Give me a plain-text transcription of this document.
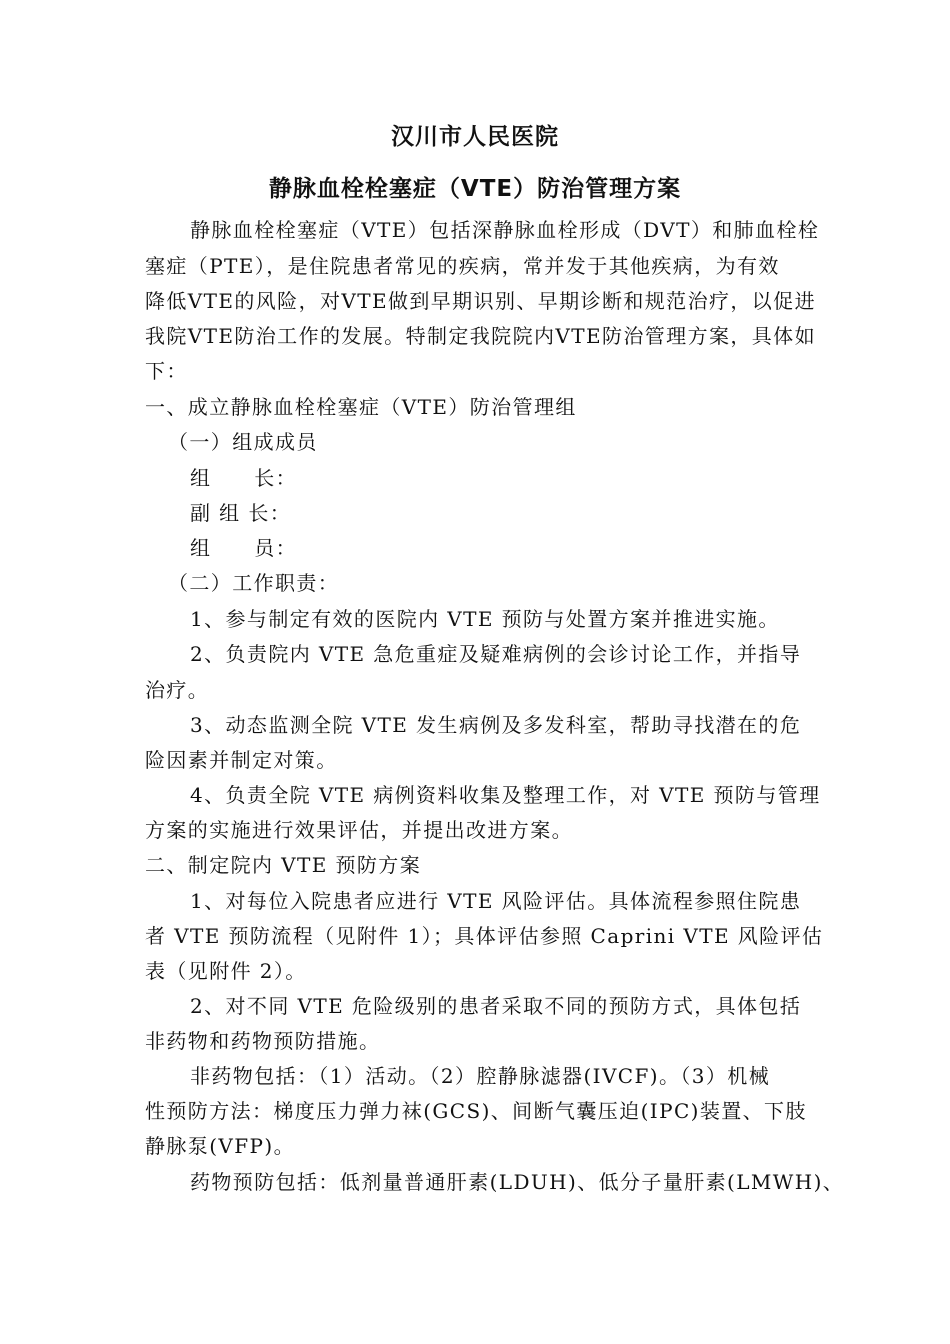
汉川市人民医院
静脉血栓栓塞症（VTE）防治管理方案
静脉血栓栓塞症（VTE）包括深静脉血栓形成（DVT）和肺血栓栓
塞症（PTE），是住院患者常见的疾病，常并发于其他疾病，为有效
降低VTE的风险，对VTE做到早期识别、早期诊断和规范治疗，以促进
我院VTE防治工作的发展。特制定我院院内VTE防治管理方案，具体如
下：
一、成立静脉血栓栓塞症（VTE）防治管理组
（一）组成成员
组　　长：
副 组 长：
组　　员：
（二）工作职责：
1、参与制定有效的医院内 VTE 预防与处置方案并推进实施。
2、负责院内 VTE 急危重症及疑难病例的会诊讨论工作，并指导
治疗。
3、动态监测全院 VTE 发生病例及多发科室，帮助寻找潜在的危
险因素并制定对策。
4、负责全院 VTE 病例资料收集及整理工作，对 VTE 预防与管理
方案的实施进行效果评估，并提出改进方案。
二、制定院内 VTE 预防方案
1、对每位入院患者应进行 VTE 风险评估。具体流程参照住院患
者 VTE 预防流程（见附件 1）；具体评估参照 Caprini VTE 风险评估
表（见附件 2）。
2、对不同 VTE 危险级别的患者采取不同的预防方式，具体包括
非药物和药物预防措施。
非药物包括：（1）活动。（2）腔静脉滤器(IVCF)。（3）机械
性预防方法：梯度压力弹力袜(GCS)、间断气囊压迫(IPC)装置、下肢
静脉泵(VFP)。
药物预防包括：低剂量普通肝素(LDUH)、低分子量肝素(LMWH)、
